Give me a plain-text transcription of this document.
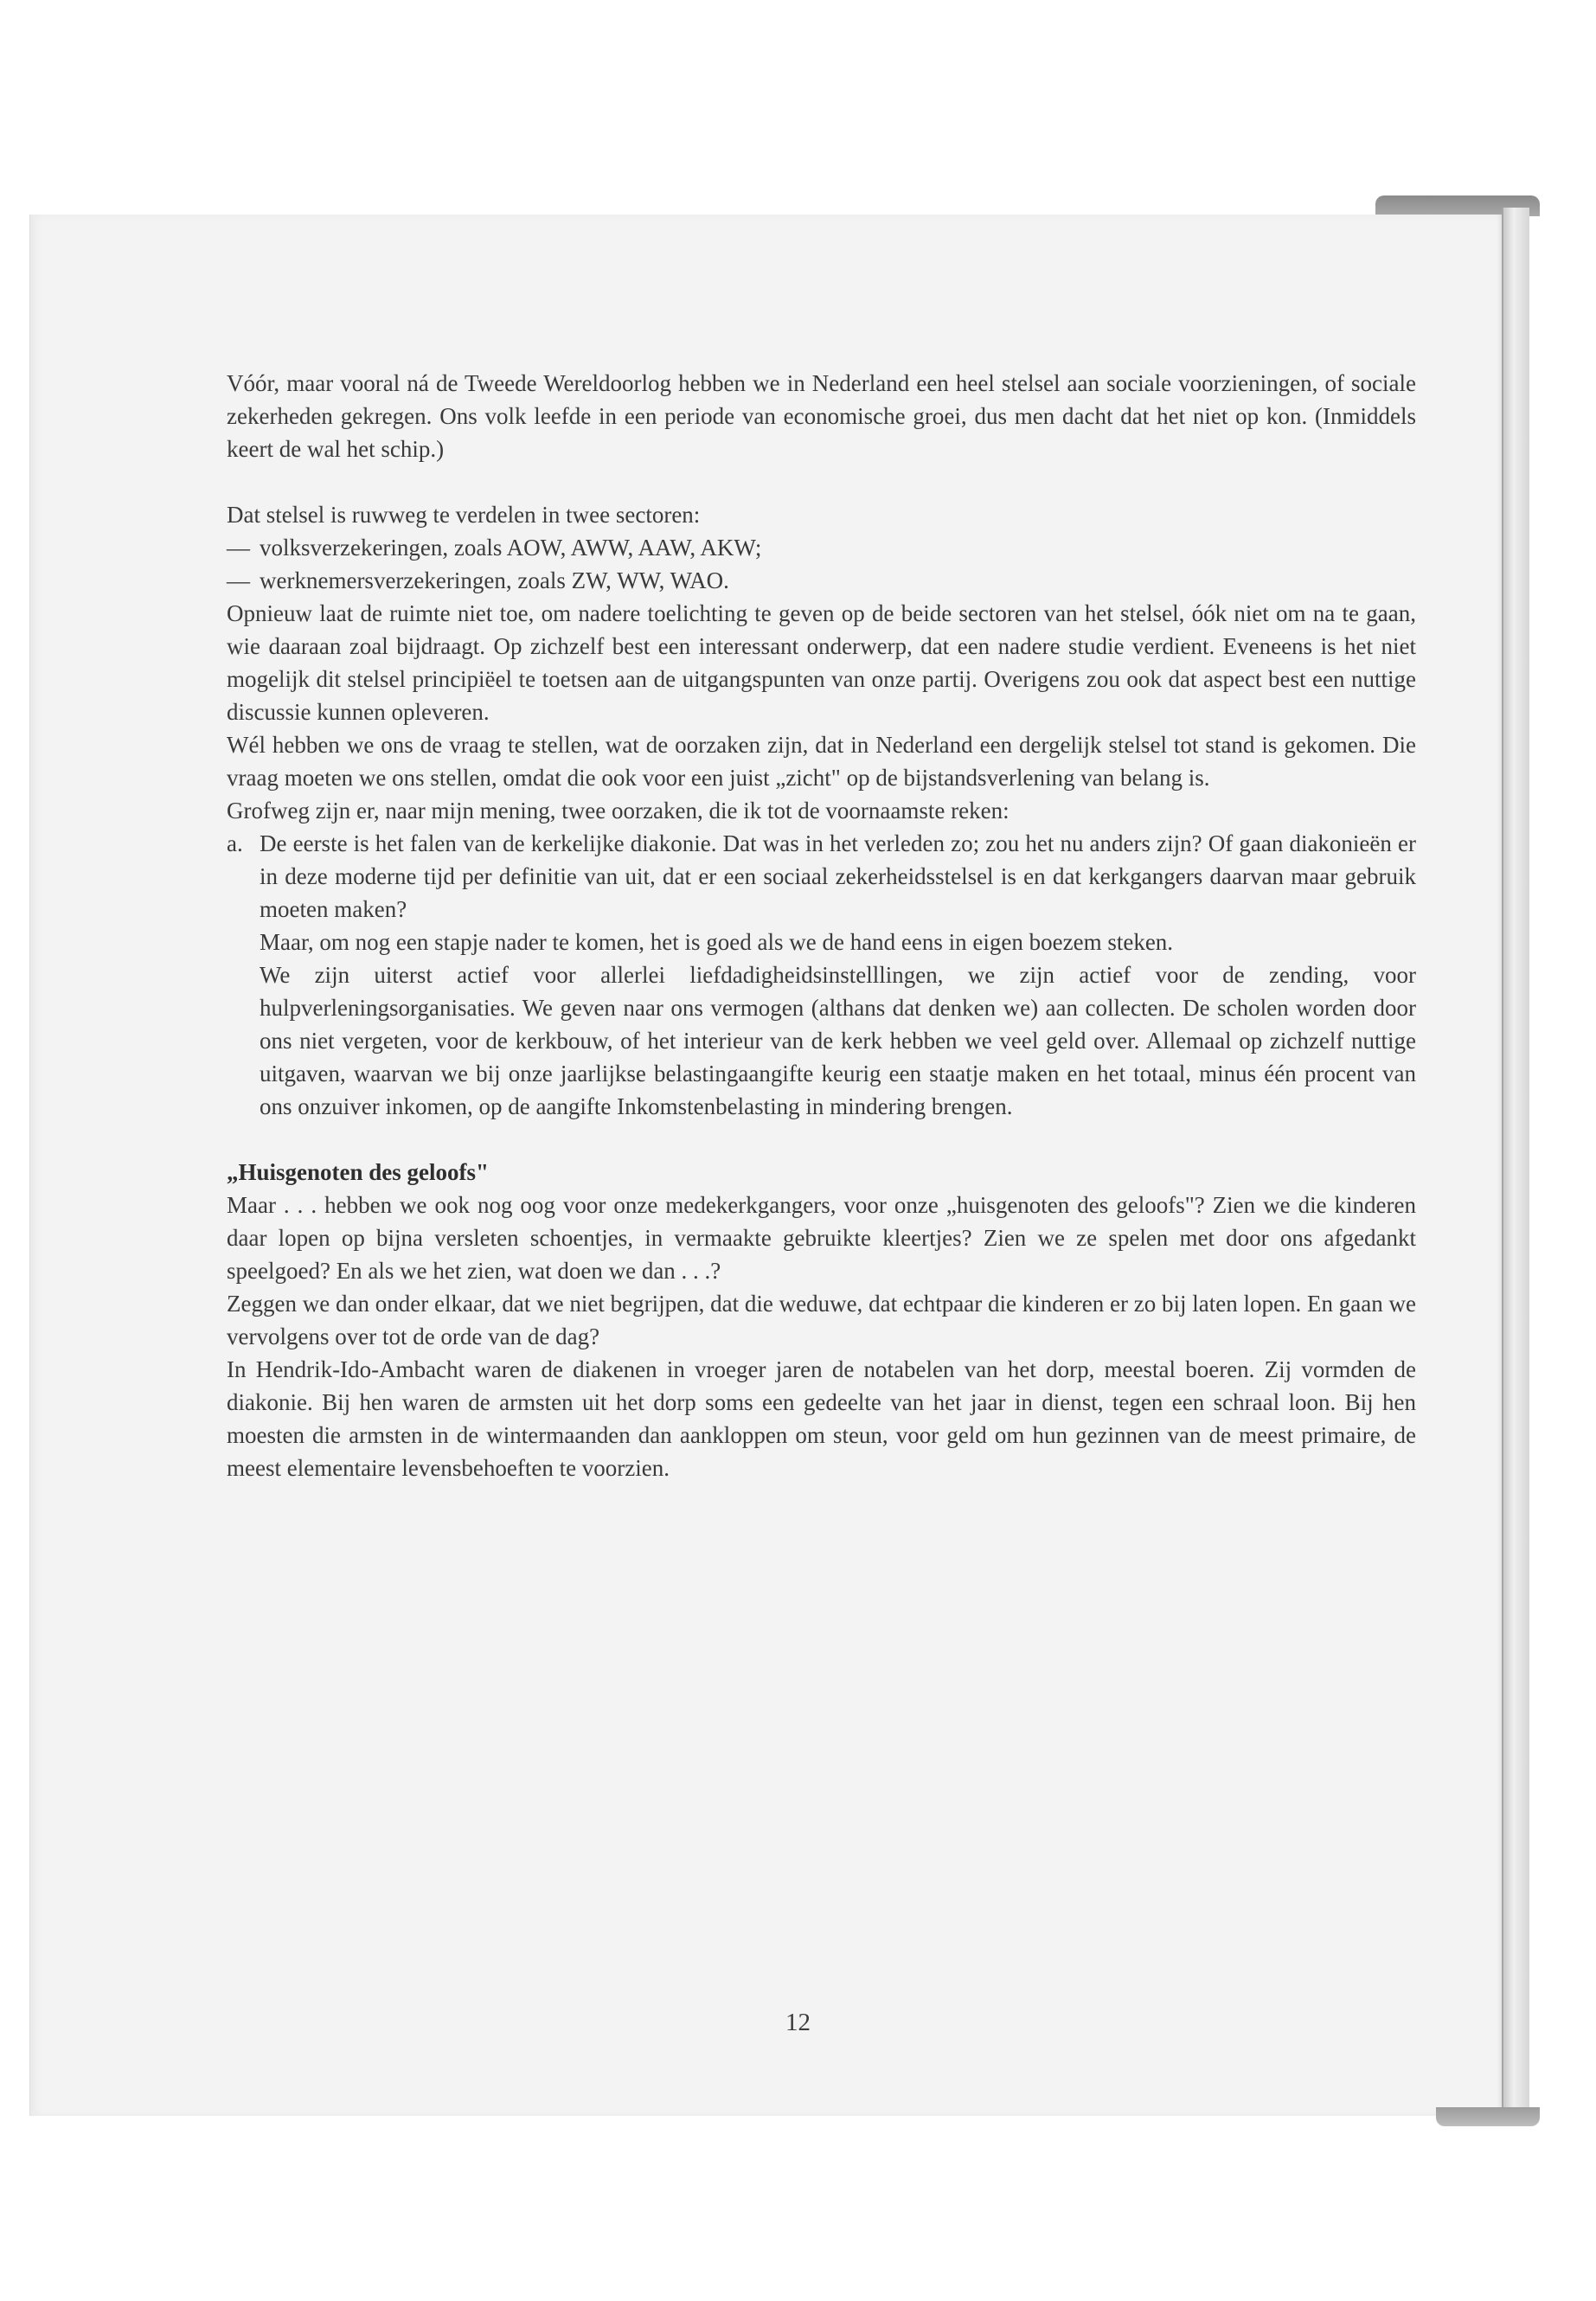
Vóór, maar vooral ná de Tweede Wereldoorlog hebben we in Nederland een heel stelsel aan sociale voorzieningen, of sociale zekerheden gekregen. Ons volk leefde in een periode van economische groei, dus men dacht dat het niet op kon. (Inmiddels keert de wal het schip.)

Dat stelsel is ruwweg te verdelen in twee sectoren:

— volksverzekeringen, zoals AOW, AWW, AAW, AKW;
— werknemersverzekeringen, zoals ZW, WW, WAO.

Opnieuw laat de ruimte niet toe, om nadere toelichting te geven op de beide sectoren van het stelsel, óók niet om na te gaan, wie daaraan zoal bijdraagt. Op zichzelf best een interessant onderwerp, dat een nadere studie verdient. Eveneens is het niet mogelijk dit stelsel principiëel te toetsen aan de uitgangspunten van onze partij. Overigens zou ook dat aspect best een nuttige discussie kunnen opleveren.

Wél hebben we ons de vraag te stellen, wat de oorzaken zijn, dat in Nederland een dergelijk stelsel tot stand is gekomen. Die vraag moeten we ons stellen, omdat die ook voor een juist „zicht" op de bijstandsverlening van belang is.

Grofweg zijn er, naar mijn mening, twee oorzaken, die ik tot de voornaamste reken:

a. De eerste is het falen van de kerkelijke diakonie. Dat was in het verleden zo; zou het nu anders zijn? Of gaan diakonieën er in deze moderne tijd per definitie van uit, dat er een sociaal zekerheidsstelsel is en dat kerkgangers daarvan maar gebruik moeten maken?

Maar, om nog een stapje nader te komen, het is goed als we de hand eens in eigen boezem steken.

We zijn uiterst actief voor allerlei liefdadigheidsinstelllingen, we zijn actief voor de zending, voor hulpverleningsorganisaties. We geven naar ons vermogen (althans dat denken we) aan collecten. De scholen worden door ons niet vergeten, voor de kerkbouw, of het interieur van de kerk hebben we veel geld over. Allemaal op zichzelf nuttige uitgaven, waarvan we bij onze jaarlijkse belastingaangifte keurig een staatje maken en het totaal, minus één procent van ons onzuiver inkomen, op de aangifte Inkomstenbelasting in mindering brengen.

„Huisgenoten des geloofs"

Maar . . . hebben we ook nog oog voor onze medekerkgangers, voor onze „huisgenoten des geloofs"? Zien we die kinderen daar lopen op bijna versleten schoentjes, in vermaakte gebruikte kleertjes? Zien we ze spelen met door ons afgedankt speelgoed? En als we het zien, wat doen we dan . . .?

Zeggen we dan onder elkaar, dat we niet begrijpen, dat die weduwe, dat echtpaar die kinderen er zo bij laten lopen. En gaan we vervolgens over tot de orde van de dag?

In Hendrik-Ido-Ambacht waren de diakenen in vroeger jaren de notabelen van het dorp, meestal boeren. Zij vormden de diakonie. Bij hen waren de armsten uit het dorp soms een gedeelte van het jaar in dienst, tegen een schraal loon. Bij hen moesten die armsten in de wintermaanden dan aankloppen om steun, voor geld om hun gezinnen van de meest primaire, de meest elementaire levensbehoeften te voorzien.

12
